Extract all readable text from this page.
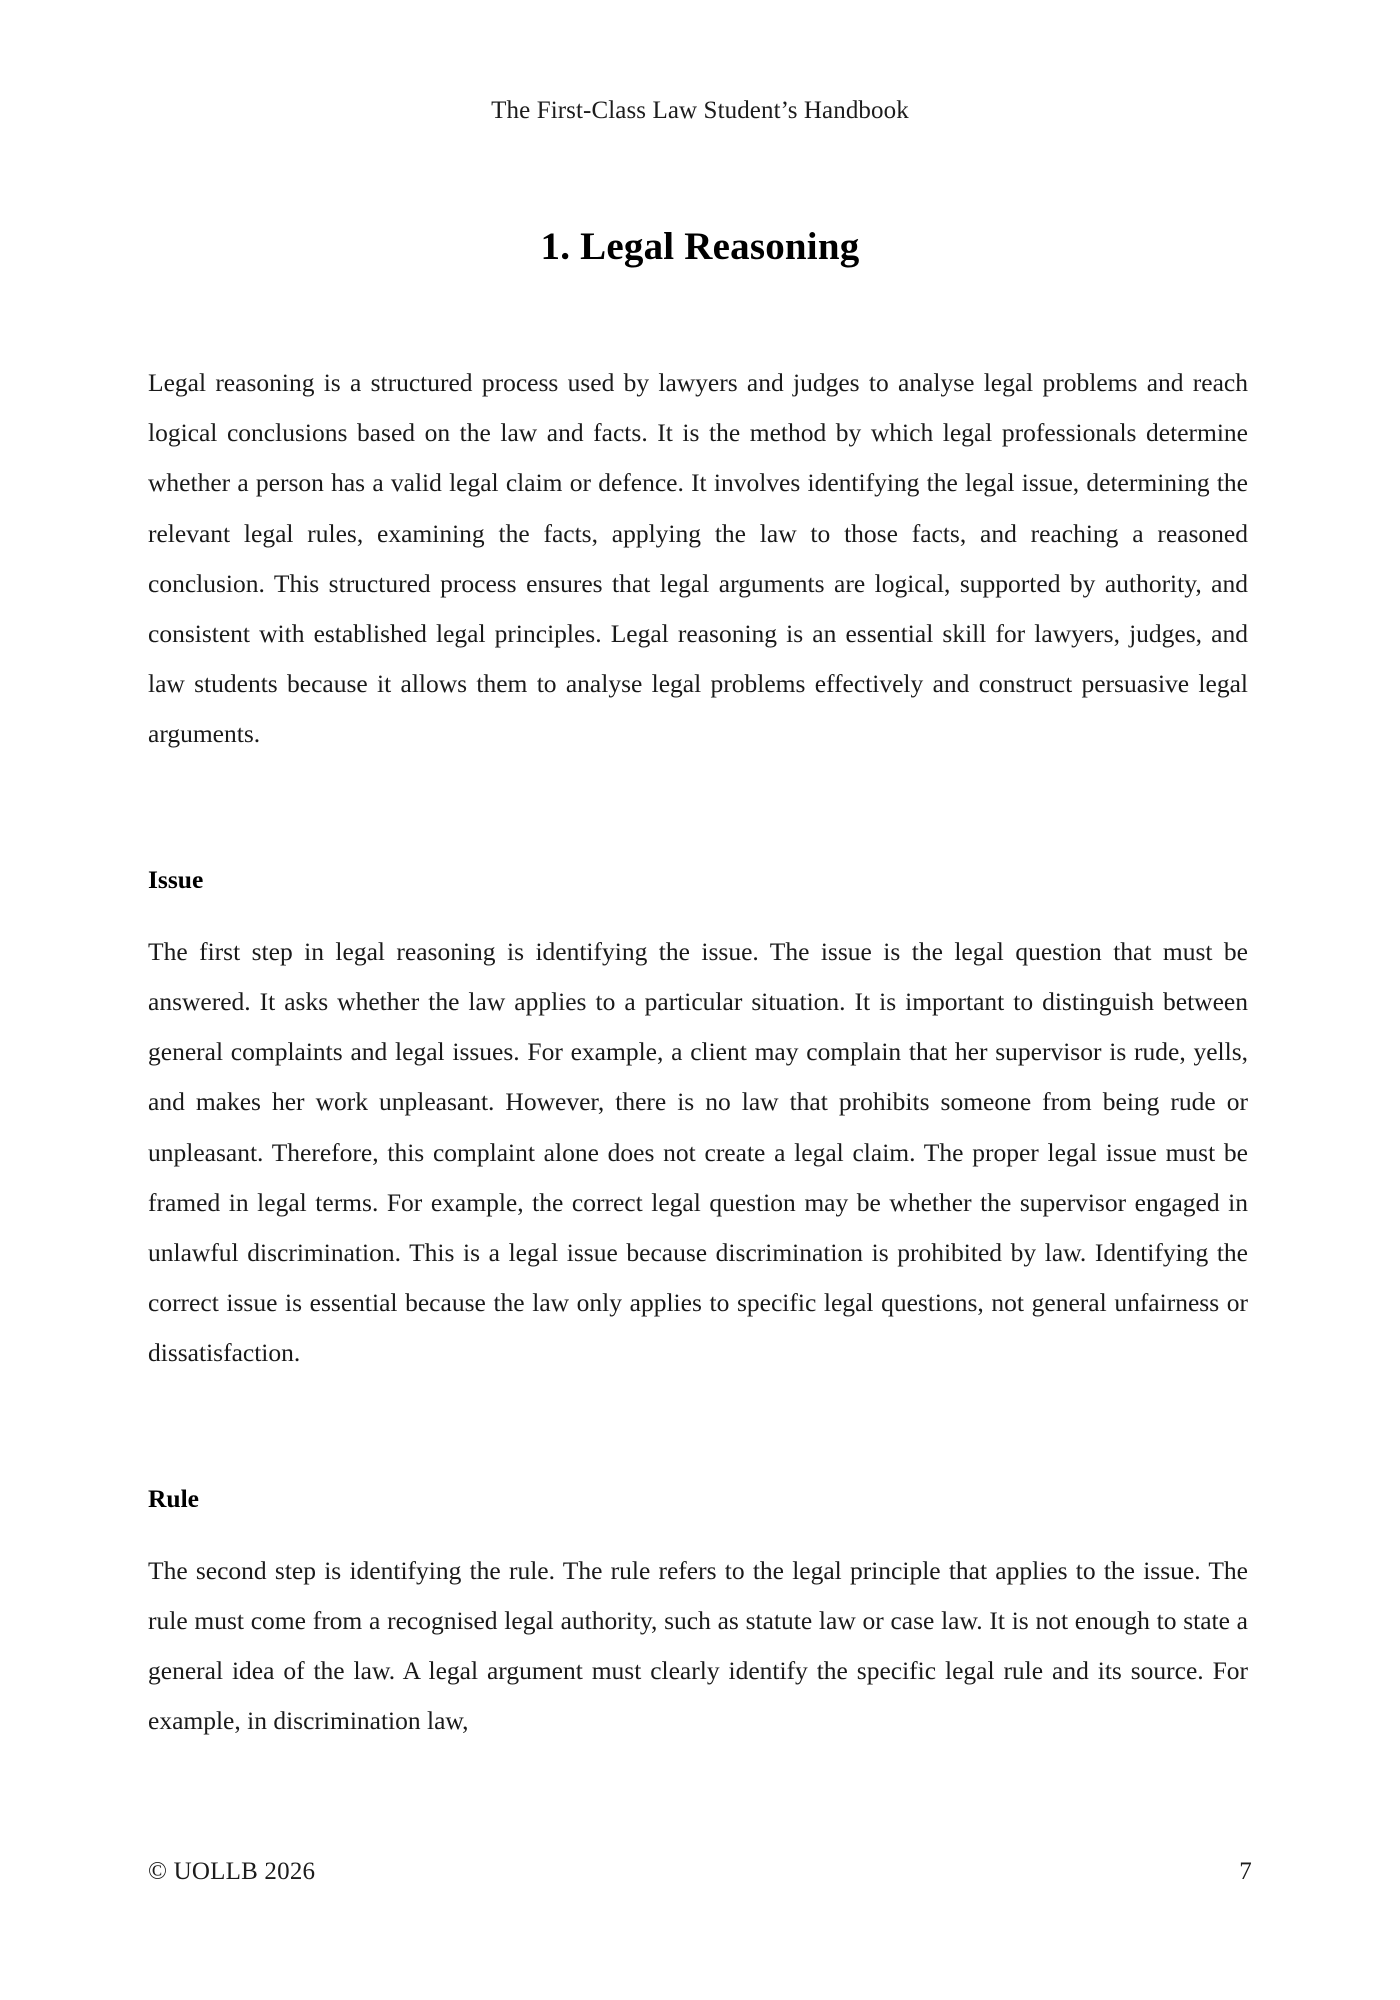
The First-Class Law Student’s Handbook
1. Legal Reasoning

Legal reasoning is a structured process used by lawyers and judges to analyse legal problems and reach logical conclusions based on the law and facts. It is the method by which legal professionals determine whether a person has a valid legal claim or defence. It involves identifying the legal issue, determining the relevant legal rules, examining the facts, applying the law to those facts, and reaching a reasoned conclusion. This structured process ensures that legal arguments are logical, supported by authority, and consistent with established legal principles. Legal reasoning is an essential skill for lawyers, judges, and law students because it allows them to analyse legal problems effectively and construct persuasive legal arguments.

Issue

The first step in legal reasoning is identifying the issue. The issue is the legal question that must be answered. It asks whether the law applies to a particular situation. It is important to distinguish between general complaints and legal issues. For example, a client may complain that her supervisor is rude, yells, and makes her work unpleasant. However, there is no law that prohibits someone from being rude or unpleasant. Therefore, this complaint alone does not create a legal claim. The proper legal issue must be framed in legal terms. For example, the correct legal question may be whether the supervisor engaged in unlawful discrimination. This is a legal issue because discrimination is prohibited by law. Identifying the correct issue is essential because the law only applies to specific legal questions, not general unfairness or dissatisfaction.

Rule

The second step is identifying the rule. The rule refers to the legal principle that applies to the issue. The rule must come from a recognised legal authority, such as statute law or case law. It is not enough to state a general idea of the law. A legal argument must clearly identify the specific legal rule and its source. For example, in discrimination law,

© UOLLB 2026	7
